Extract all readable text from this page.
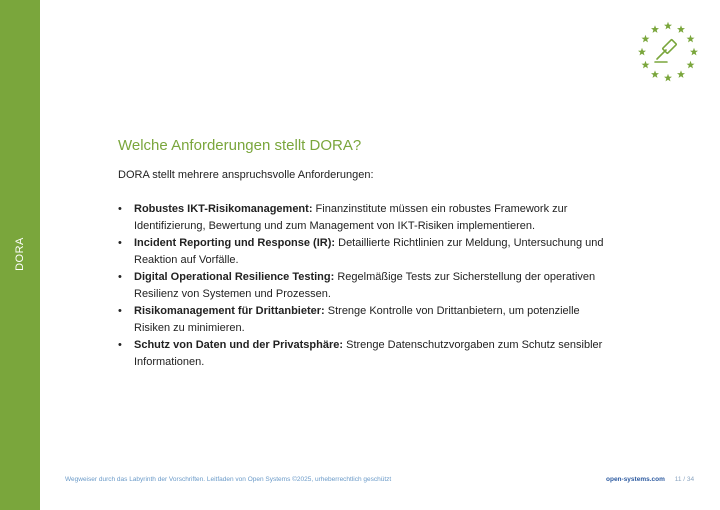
DORA
Welche Anforderungen stellt DORA?

DORA stellt mehrere anspruchsvolle Anforderungen:

• Robustes IKT-Risikomanagement: Finanzinstitute müssen ein robustes Framework zur Identifizierung, Bewertung und zum Management von IKT-Risiken implementieren.
• Incident Reporting und Response (IR): Detaillierte Richtlinien zur Meldung, Untersuchung und Reaktion auf Vorfälle.
• Digital Operational Resilience Testing: Regelmäßige Tests zur Sicherstellung der operativen Resilienz von Systemen und Prozessen.
• Risikomanagement für Drittanbieter: Strenge Kontrolle von Drittanbietern, um potenzielle Risiken zu minimieren.
• Schutz von Daten und der Privatsphäre: Strenge Datenschutzvorgaben zum Schutz sensibler Informationen.
Wegweiser durch das Labyrinth der Vorschriften. Leitfaden von Open Systems ©2025, urheberrechtlich geschützt	open-systems.com 11 / 34
